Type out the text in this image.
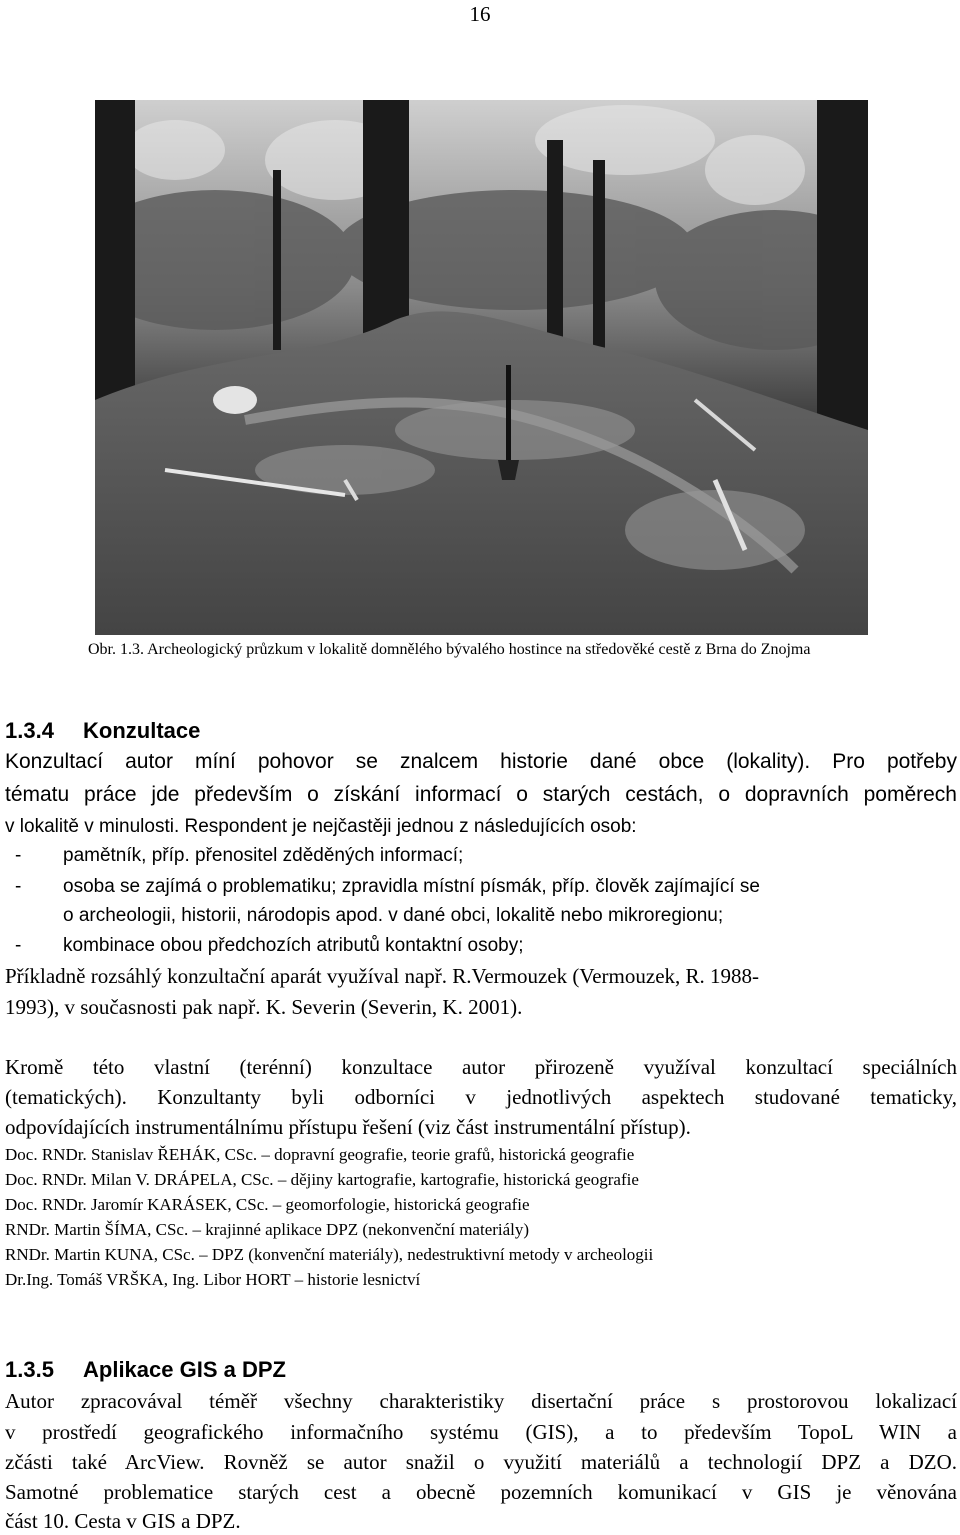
16
Obr. 1.3. Archeologický průzkum v lokalitě domnělého bývalého hostince na středověké cestě z Brna do Znojma
1.3.4 Konzultace
Konzultací autor míní pohovor se znalcem historie dané obce (lokality). Pro potřeby
tématu práce jde především o získání informací o starých cestách, o dopravních poměrech
v lokalitě v minulosti. Respondent je nejčastěji jednou z následujících osob:
- pamětník, příp. přenositel zděděných informací;
- osoba se zajímá o problematiku; zpravidla místní písmák, příp. člověk zajímající se
o archeologii, historii, národopis apod. v dané obci, lokalitě nebo mikroregionu;
- kombinace obou předchozích atributů kontaktní osoby;
Příkladně rozsáhlý konzultační aparát využíval např. R.Vermouzek (Vermouzek, R. 1988-
1993), v současnosti pak např. K. Severin (Severin, K. 2001).
Kromě této vlastní (terénní) konzultace autor přirozeně využíval konzultací speciálních
(tematických). Konzultanty byli odborníci v jednotlivých aspektech studované tematicky,
odpovídajících instrumentálnímu přístupu řešení (viz část instrumentální přístup).
Doc. RNDr. Stanislav ŘEHÁK, CSc. – dopravní geografie, teorie grafů, historická geografie
Doc. RNDr. Milan V. DRÁPELA, CSc. – dějiny kartografie, kartografie, historická geografie
Doc. RNDr. Jaromír KARÁSEK, CSc. – geomorfologie, historická geografie
RNDr. Martin ŠÍMA, CSc. – krajinné aplikace DPZ (nekonvenční materiály)
RNDr. Martin KUNA, CSc. – DPZ (konvenční materiály), nedestruktivní metody v archeologii
Dr.Ing. Tomáš VRŠKA, Ing. Libor HORT – historie lesnictví
1.3.5 Aplikace GIS a DPZ
Autor zpracovával téměř všechny charakteristiky disertační práce s prostorovou lokalizací
v prostředí geografického informačního systému (GIS), a to především TopoL WIN a
zčásti také ArcView. Rovněž se autor snažil o využití materiálů a technologií DPZ a DZO.
Samotné problematice starých cest a obecně pozemních komunikací v GIS je věnována
část 10. Cesta v GIS a DPZ.
